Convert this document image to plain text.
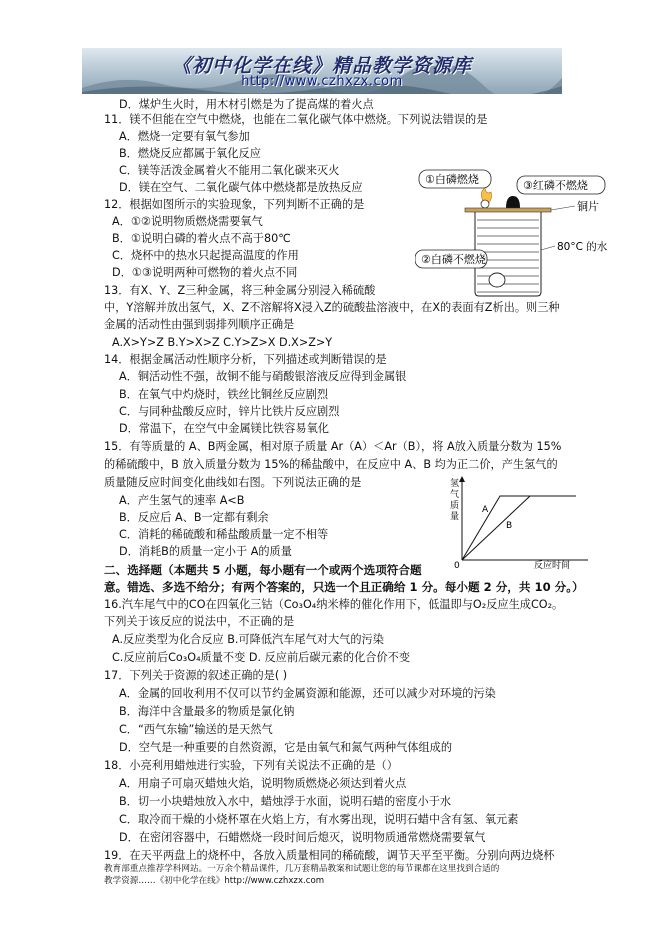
《初中化学在线》精品教学资源库
http://www.czhxzx.com
D．煤炉生火时，用木材引燃是为了提高煤的着火点
11．镁不但能在空气中燃烧，也能在二氧化碳气体中燃烧。下列说法错误的是
A．燃烧一定要有氧气参加
B．燃烧反应都属于氧化反应
C．镁等活泼金属着火不能用二氧化碳来灭火
D．镁在空气、二氧化碳气体中燃烧都是放热反应
12．根据如图所示的实验现象，下列判断不正确的是
A．①②说明物质燃烧需要氧气
B．①说明白磷的着火点不高于80℃
C．烧杯中的热水只起提高温度的作用
D．①③说明两种可燃物的着火点不同
13．有X、Y、Z三种金属，将三种金属分别浸入稀硫酸
中，Y溶解并放出氢气，X、Z不溶解将X浸入Z的硫酸盐溶液中，在X的表面有Z析出。则三种
金属的活动性由强到弱排列顺序正确是
A.X>Y>Z B.Y>X>Z C.Y>Z>X D.X>Z>Y
14．根据金属活动性顺序分析，下列描述或判断错误的是
A．铜活动性不强，故铜不能与硝酸银溶液反应得到金属银
B．在氧气中灼烧时，铁丝比铜丝反应剧烈
C．与同种盐酸反应时，锌片比铁片反应剧烈
D．常温下，在空气中金属镁比铁容易氧化
15．有等质量的 A、B两金属，相对原子质量 Ar（A）＜Ar（B），将 A放入质量分数为 15%
的稀硫酸中，B 放入质量分数为 15%的稀盐酸中，在反应中 A、B 均为正二价，产生氢气的
质量随反应时间变化曲线如右图。下列说法正确的是
A．产生氢气的速率 A<B
B．反应后 A、B一定都有剩余
C．消耗的稀硫酸和稀盐酸质量一定不相等
D．消耗B的质量一定小于 A的质量
二、选择题（本题共 5 小题，每小题有一个或两个选项符合题
意。错选、多选不给分；有两个答案的，只选一个且正确给 1 分。每小题 2 分，共 10 分。）
16.汽车尾气中的CO在四氧化三钴（Co₃O₄纳米棒的催化作用下，低温即与O₂反应生成CO₂。
下列关于该反应的说法中，不正确的是
A.反应类型为化合反应 B.可降低汽车尾气对大气的污染
C.反应前后Co₃O₄质量不变 D. 反应前后碳元素的化合价不变
17．下列关于资源的叙述正确的是( )
A．金属的回收利用不仅可以节约金属资源和能源，还可以减少对环境的污染
B．海洋中含量最多的物质是氯化钠
C．“西气东输”输送的是天然气
D．空气是一种重要的自然资源，它是由氧气和氮气两种气体组成的
18．小亮利用蜡烛进行实验，下列有关说法不正确的是（）
A．用扇子可扇灭蜡烛火焰，说明物质燃烧必须达到着火点
B．切一小块蜡烛放入水中，蜡烛浮于水面，说明石蜡的密度小于水
C．取冷而干燥的小烧杯罩在火焰上方，有水雾出现，说明石蜡中含有氢、氧元素
D．在密闭容器中，石蜡燃烧一段时间后熄灭，说明物质通常燃烧需要氧气
19．在天平两盘上的烧杯中，各放入质量相同的稀硫酸，调节天平至平衡。分别向两边烧杯
教育部重点推荐学科网站。一万余个精品课件，几万套精品教案和试题让您的每节课都在这里找到合适的
教学资源……《初中化学在线》http://www.czhxzx.com
①白磷燃烧	③红磷不燃烧
铜片
②白磷不燃烧
80°C 的水
氢
气
质
量
A
B
0	反应时间
